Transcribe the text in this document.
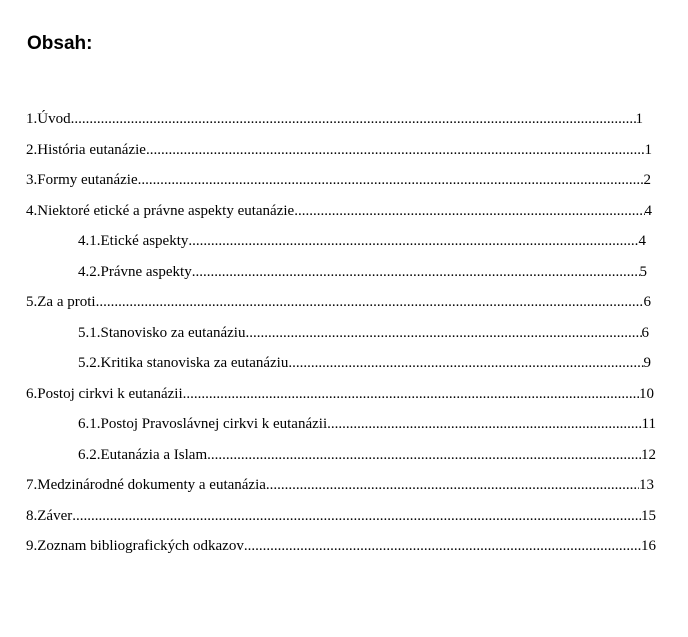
Obsah:
1.Úvod .....	1
2.História eutanázie .....	1
3.Formy eutanázie .....	2
4.Niektoré etické a právne aspekty eutanázie .....	4
4.1.Etické aspekty .....	4
4.2.Právne aspekty .....	5
5.Za a proti .....	6
5.1.Stanovisko za eutanáziu .....	6
5.2.Kritika stanoviska za eutanáziu .....	9
6.Postoj cirkvi k eutanázii .....	10
6.1.Postoj Pravoslávnej cirkvi k eutanázii .....	11
6.2.Eutanázia a Islam .....	12
7.Medzinárodné dokumenty a eutanázia .....	13
8.Záver .....	15
9.Zoznam bibliografických odkazov .....	16
